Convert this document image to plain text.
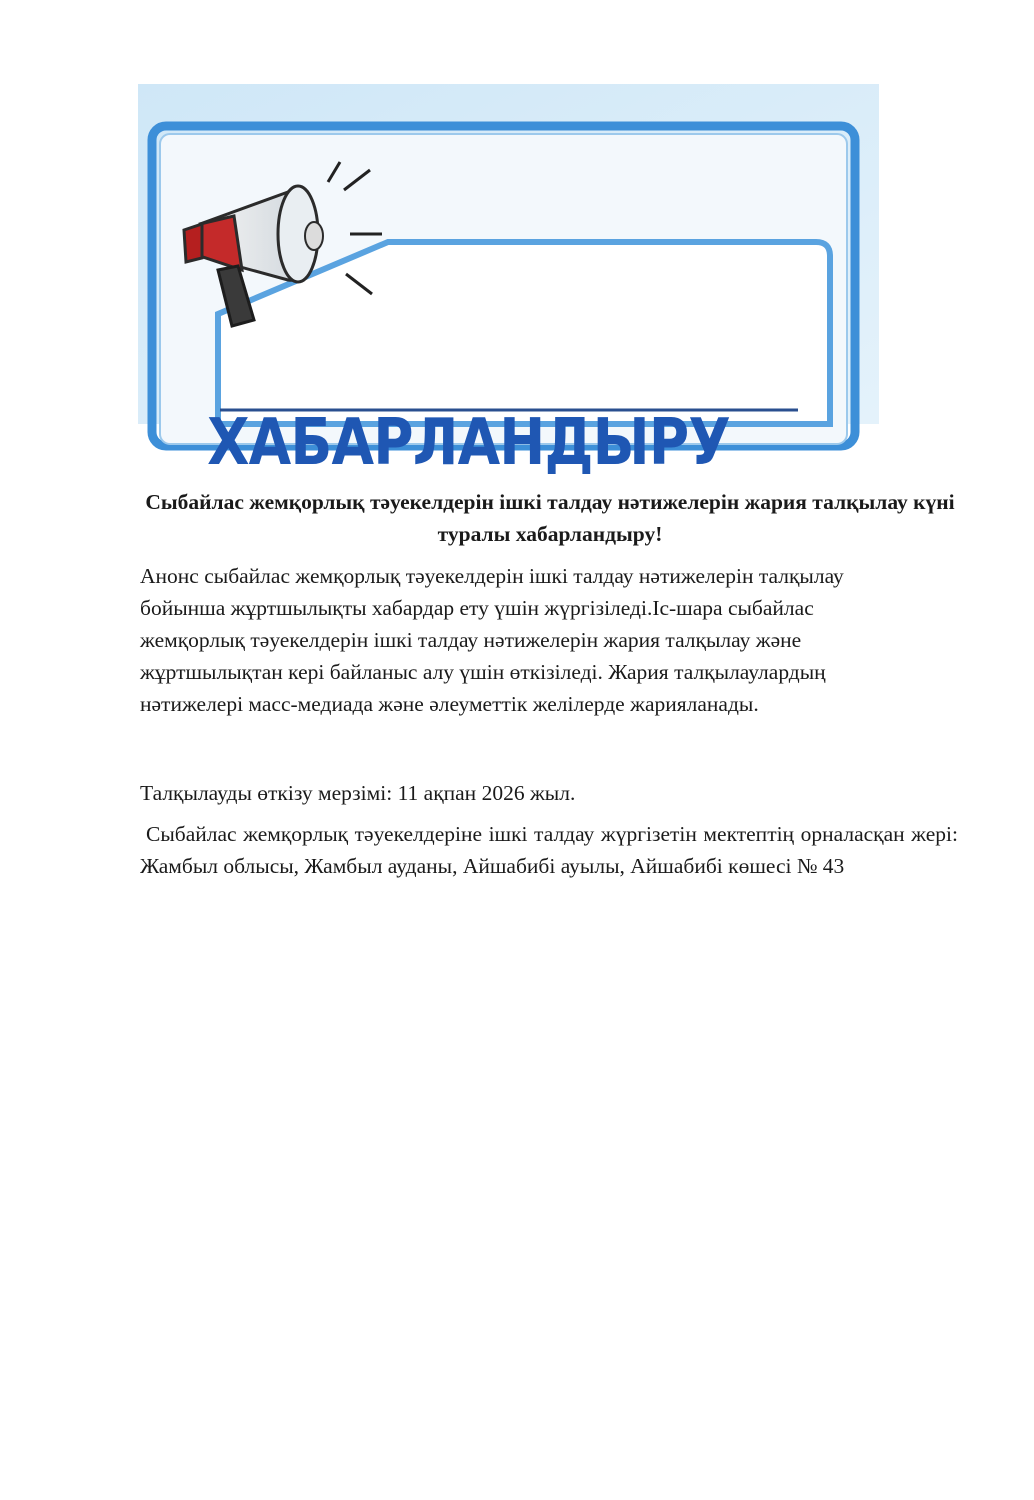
ХАБАРЛАНДЫРУ
Сыбайлас жемқорлық тәуекелдерін ішкі талдау нәтижелерін жария талқылау күні туралы хабарландыру!
Анонс сыбайлас жемқорлық тәуекелдерін ішкі талдау нәтижелерін талқылау бойынша жұртшылықты хабардар ету үшін жүргізіледі.Іс-шара сыбайлас жемқорлық тәуекелдерін ішкі талдау нәтижелерін жария талқылау және жұртшылықтан кері байланыс алу үшін өткізіледі. Жария талқылаулардың нәтижелері масс-медиада және әлеуметтік желілерде жарияланады.
Талқылауды өткізу мерзімі: 11 ақпан 2026 жыл.
Сыбайлас жемқорлық тәуекелдеріне ішкі талдау жүргізетін мектептің орналасқан жері: Жамбыл облысы, Жамбыл ауданы, Айшабибі ауылы, Айшабибі көшесі № 43
